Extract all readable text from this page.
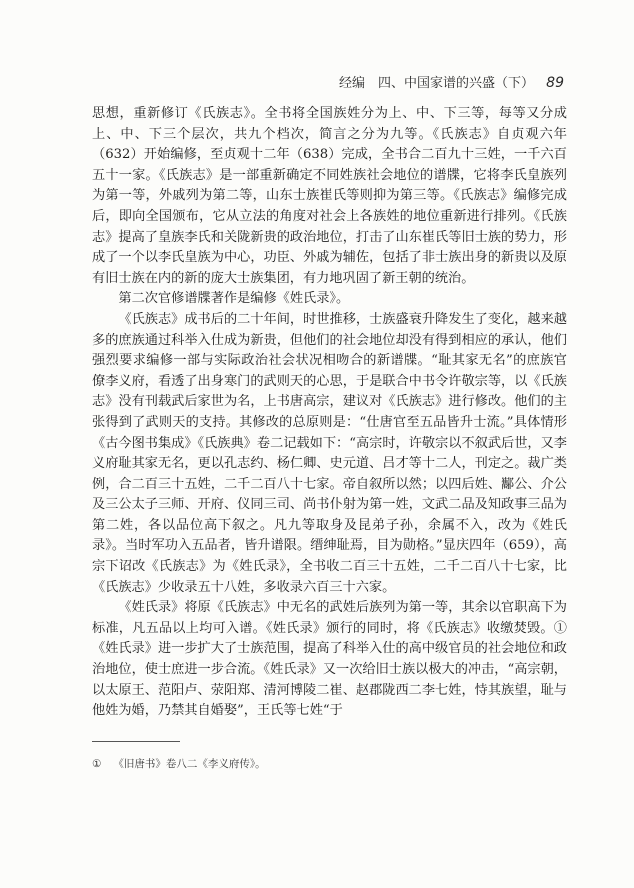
经编　四、中国家谱的兴盛（下） 89

思想，重新修订《氏族志》。全书将全国族姓分为上、中、下三等，每等又分成上、中、下三个层次，共九个档次，简言之分为九等。《氏族志》自贞观六年（632）开始编修，至贞观十二年（638）完成，全书合二百九十三姓，一千六百五十一家。《氏族志》是一部重新确定不同姓族社会地位的谱牒，它将李氏皇族列为第一等，外戚列为第二等，山东士族崔氏等则抑为第三等。《氏族志》编修完成后，即向全国颁布，它从立法的角度对社会上各族姓的地位重新进行排列。《氏族志》提高了皇族李氏和关陇新贵的政治地位，打击了山东崔氏等旧士族的势力，形成了一个以李氏皇族为中心，功臣、外戚为辅佐，包括了非士族出身的新贵以及原有旧士族在内的新的庞大士族集团，有力地巩固了新王朝的统治。

第二次官修谱牒著作是编修《姓氏录》。

《氏族志》成书后的二十年间，时世推移，士族盛衰升降发生了变化，越来越多的庶族通过科举入仕成为新贵，但他们的社会地位却没有得到相应的承认，他们强烈要求编修一部与实际政治社会状况相吻合的新谱牒。“耻其家无名”的庶族官僚李义府，看透了出身寒门的武则天的心思，于是联合中书令许敬宗等，以《氏族志》没有刊载武后家世为名，上书唐高宗，建议对《氏族志》进行修改。他们的主张得到了武则天的支持。其修改的总原则是：“仕唐官至五品皆升士流。”具体情形《古今图书集成》《氏族典》卷二记载如下：“高宗时，许敬宗以不叙武后世，又李义府耻其家无名，更以孔志约、杨仁卿、史元道、吕才等十二人，刊定之。裁广类例，合二百三十五姓，二千二百八十七家。帝自叙所以然；以四后姓、酅公、介公及三公太子三师、开府、仪同三司、尚书仆射为第一姓，文武二品及知政事三品为第二姓，各以品位高下叙之。凡九等取身及昆弟子孙，余属不入，改为《姓氏录》。当时军功入五品者，皆升谱限。缙绅耻焉，目为勋格。”显庆四年（659），高宗下诏改《氏族志》为《姓氏录》，全书收二百三十五姓，二千二百八十七家，比《氏族志》少收录五十八姓，多收录六百三十六家。

《姓氏录》将原《氏族志》中无名的武姓后族列为第一等，其余以官职高下为标准，凡五品以上均可入谱。《姓氏录》颁行的同时，将《氏族志》收缴焚毁。①《姓氏录》进一步扩大了士族范围，提高了科举入仕的高中级官员的社会地位和政治地位，使士庶进一步合流。《姓氏录》又一次给旧士族以极大的冲击，“高宗朝，以太原王、范阳卢、荥阳郑、清河博陵二崔、赵郡陇西二李七姓，恃其族望，耻与他姓为婚，乃禁其自婚娶”，王氏等七姓“于

① 《旧唐书》卷八二《李义府传》。
